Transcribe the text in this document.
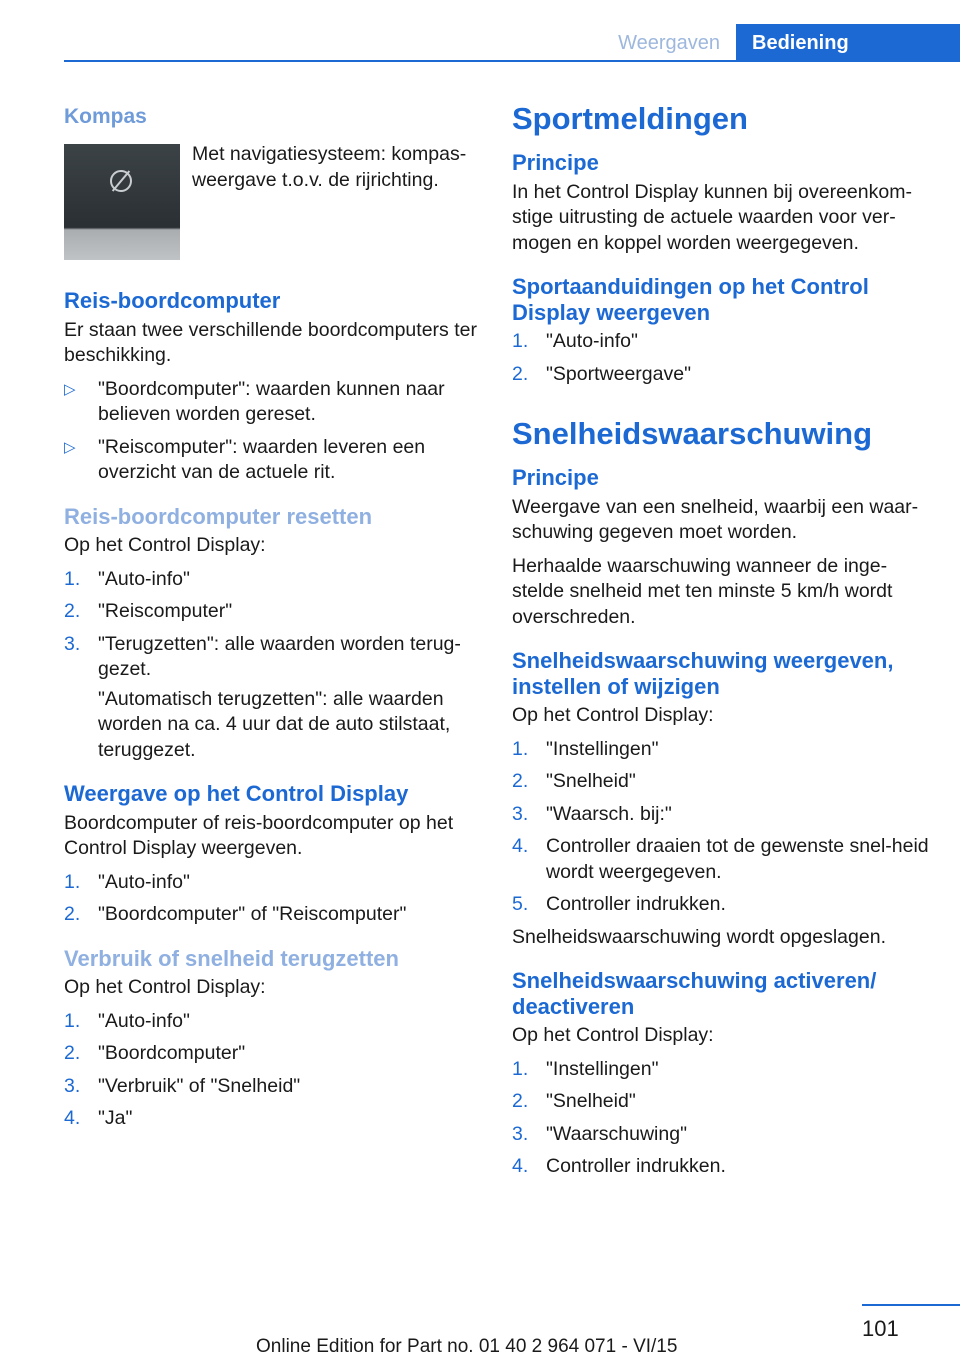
Weergaven	Bediening
Kompas

Met navigatiesysteem: kompas-weergave t.o.v. de rijrichting.

Reis-boordcomputer

Er staan twee verschillende boordcomputers ter beschikking.

▷ "Boordcomputer": waarden kunnen naar believen worden gereset.
▷ "Reiscomputer": waarden leveren een overzicht van de actuele rit.
Reis-boordcomputer resetten

Op het Control Display:

1. "Auto-info"
2. "Reiscomputer"
3. "Terugzetten": alle waarden worden terug-gezet.
"Automatisch terugzetten": alle waarden worden na ca. 4 uur dat de auto stilstaat, teruggezet.
Weergave op het Control Display

Boordcomputer of reis-boordcomputer op het Control Display weergeven.

1. "Auto-info"
2. "Boordcomputer" of "Reiscomputer"
Verbruik of snelheid terugzetten

Op het Control Display:

1. "Auto-info"
2. "Boordcomputer"
3. "Verbruik" of "Snelheid"
4. "Ja"
Sportmeldingen
Principe

In het Control Display kunnen bij overeenkom-stige uitrusting de actuele waarden voor ver-mogen en koppel worden weergegeven.

Sportaanduidingen op het Control Display weergeven
1. "Auto-info"
2. "Sportweergave"
Snelheidswaarschuwing
Principe

Weergave van een snelheid, waarbij een waar-schuwing gegeven moet worden.

Herhaalde waarschuwing wanneer de inge-stelde snelheid met ten minste 5 km/h wordt overschreden.

Snelheidswaarschuwing weergeven, instellen of wijzigen

Op het Control Display:

1. "Instellingen"
2. "Snelheid"
3. "Waarsch. bij:"
4. Controller draaien tot de gewenste snel-heid wordt weergegeven.
5. Controller indrukken.

Snelheidswaarschuwing wordt opgeslagen.

Snelheidswaarschuwing activeren/ deactiveren

Op het Control Display:

1. "Instellingen"
2. "Snelheid"
3. "Waarschuwing"
4. Controller indrukken.
101
Online Edition for Part no. 01 40 2 964 071 - VI/15
